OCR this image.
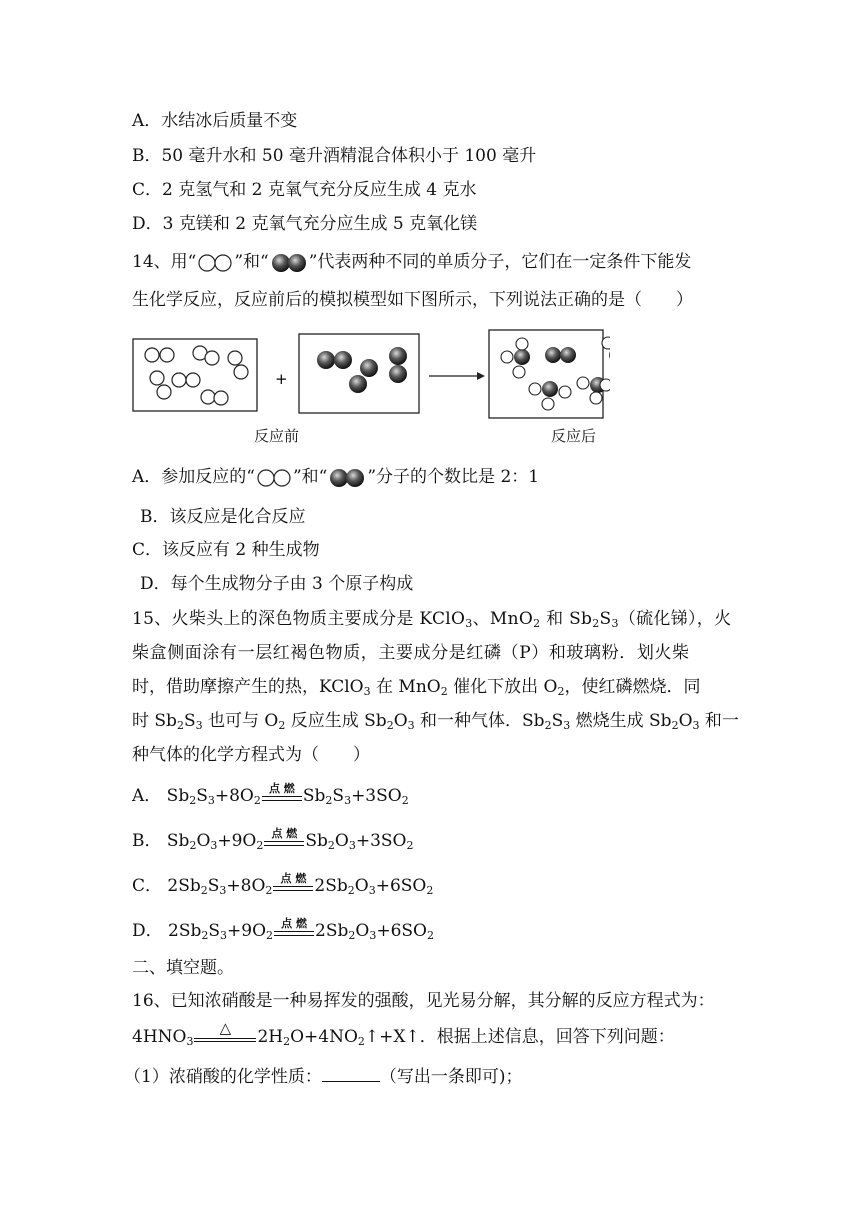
A．水结冰后质量不变
B．50 毫升水和 50 毫升酒精混合体积小于 100 毫升
C．2 克氢气和 2 克氧气充分反应生成 4 克水
D．3 克镁和 2 克氧气充分应生成 5 克氧化镁
14、用“ ”和“ ”代表两种不同的单质分子，它们在一定条件下能发
生化学反应，反应前后的模拟模型如下图所示，下列说法正确的是（　　）
+
反应前	反应后
A．参加反应的“ ”和“ ”分子的个数比是 2：1
B．该反应是化合反应
C．该反应有 2 种生成物
D．每个生成物分子由 3 个原子构成
15、火柴头上的深色物质主要成分是 KClO$_3$、MnO$_2$ 和 $Sb_2S_3$（硫化锑），火
柴盒侧面涂有一层红褐色物质，主要成分是红磷（P）和玻璃粉．划火柴
时，借助摩擦产生的热，KClO$_3$ 在 MnO$_2$ 催化下放出 $O_2$，使红磷燃烧．同
时 $Sb_2S_3$ 也可与 $O_2$ 反应生成 $Sb_2O_3$ 和一种气体．$Sb_2S_3$ 燃烧生成 $Sb_2O_3$ 和一
种气体的化学方程式为（　　）
A． $Sb_2S_3+8O_2$
点 燃 $Sb_2S_3+3SO_2$
B． $Sb_2O_3+9O_2$
点 燃 $Sb_2O_3+3SO_2$
C． $2Sb_2S_3+8O_2$
点 燃 $2Sb_2O_3+6SO_2$
D． $2Sb_2S_3+9O_2$
点 燃 $2Sb_2O_3+6SO_2$
二、填空题。
16、已知浓硝酸是一种易挥发的强酸，见光易分解，其分解的反应方程式为：
$4HNO_3$
△	$2H_2O+4NO_2↑+X↑$．根据上述信息，回答下列问题：
（1）浓硝酸的化学性质：	（写出一条即可)；
